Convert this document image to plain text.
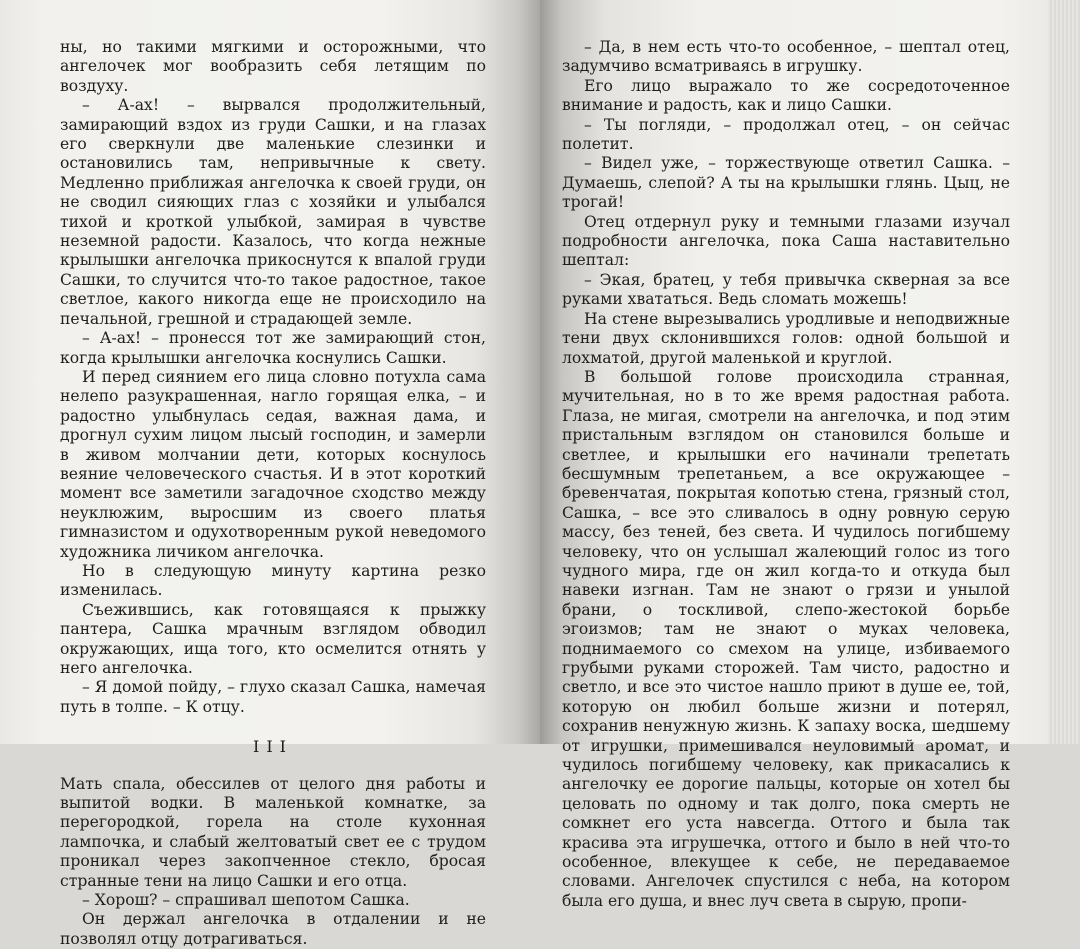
ны, но такими мягкими и осторожными, что ангелочек мог вообразить себя летящим по воздуху.

– А-ах! – вырвался продолжительный, замирающий вздох из груди Сашки, и на глазах его сверкнули две маленькие слезинки и остановились там, непривычные к свету. Медленно приближая ангелочка к своей груди, он не сводил сияющих глаз с хозяйки и улыбался тихой и кроткой улыбкой, замирая в чувстве неземной радости. Казалось, что когда нежные крылышки ангелочка прикоснутся к впалой груди Сашки, то случится что-то такое радостное, такое светлое, какого никогда еще не происходило на печальной, грешной и страдающей земле.

– А-ах! – пронесся тот же замирающий стон, когда крылышки ангелочка коснулись Сашки.

И перед сиянием его лица словно потухла сама нелепо разукрашенная, нагло горящая елка, – и радостно улыбнулась седая, важная дама, и дрогнул сухим лицом лысый господин, и замерли в живом молчании дети, которых коснулось веяние человеческого счастья. И в этот короткий момент все заметили загадочное сходство между неуклюжим, выросшим из своего платья гимназистом и одухотворенным рукой неведомого художника личиком ангелочка.

Но в следующую минуту картина резко изменилась.

Съежившись, как готовящаяся к прыжку пантера, Сашка мрачным взглядом обводил окружающих, ища того, кто осмелится отнять у него ангелочка.

– Я домой пойду, – глухо сказал Сашка, намечая путь в толпе. – К отцу.

III

Мать спала, обессилев от целого дня работы и выпитой водки. В маленькой комнатке, за перегородкой, горела на столе кухонная лампочка, и слабый желтоватый свет ее с трудом проникал через закопченное стекло, бросая странные тени на лицо Сашки и его отца.

– Хорош? – спрашивал шепотом Сашка.

Он держал ангелочка в отдалении и не позволял отцу дотрагиваться.

– Да, в нем есть что-то особенное, – шептал отец, задумчиво всматриваясь в игрушку.

Его лицо выражало то же сосредоточенное внимание и радость, как и лицо Сашки.

– Ты погляди, – продолжал отец, – он сейчас полетит.

– Видел уже, – торжествующе ответил Сашка. – Думаешь, слепой? А ты на крылышки глянь. Цыц, не трогай!

Отец отдернул руку и темными глазами изучал подробности ангелочка, пока Саша наставительно шептал:

– Экая, братец, у тебя привычка скверная за все руками хвататься. Ведь сломать можешь!

На стене вырезывались уродливые и неподвижные тени двух склонившихся голов: одной большой и лохматой, другой маленькой и круглой.

В большой голове происходила странная, мучительная, но в то же время радостная работа. Глаза, не мигая, смотрели на ангелочка, и под этим пристальным взглядом он становился больше и светлее, и крылышки его начинали трепетать бесшумным трепетаньем, а все окружающее – бревенчатая, покрытая копотью стена, грязный стол, Сашка, – все это сливалось в одну ровную серую массу, без теней, без света. И чудилось погибшему человеку, что он услышал жалеющий голос из того чудного мира, где он жил когда-то и откуда был навеки изгнан. Там не знают о грязи и унылой брани, о тоскливой, слепо-жестокой борьбе эгоизмов; там не знают о муках человека, поднимаемого со смехом на улице, избиваемого грубыми руками сторожей. Там чисто, радостно и светло, и все это чистое нашло приют в душе ее, той, которую он любил больше жизни и потерял, сохранив ненужную жизнь. К запаху воска, шедшему от игрушки, примешивался неуловимый аромат, и чудилось погибшему человеку, как прикасались к ангелочку ее дорогие пальцы, которые он хотел бы целовать по одному и так долго, пока смерть не сомкнет его уста навсегда. Оттого и была так красива эта игрушечка, оттого и было в ней что-то особенное, влекущее к себе, не передаваемое словами. Ангелочек спустился с неба, на котором была его душа, и внес луч света в сырую, пропи-
